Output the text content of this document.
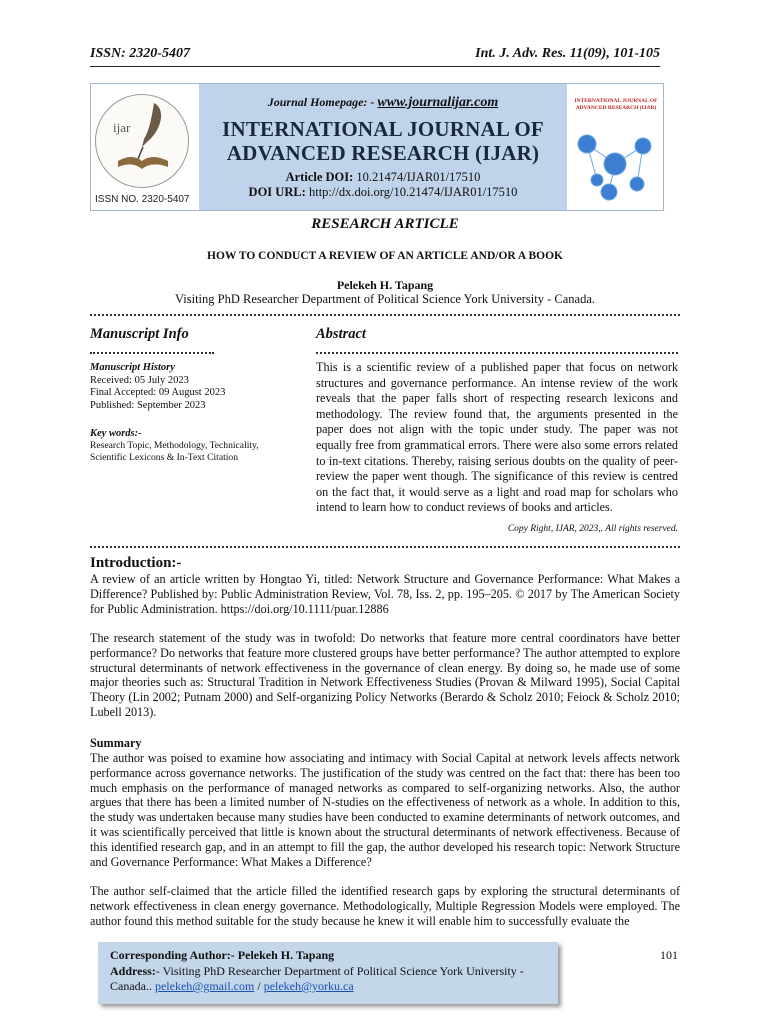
ISSN: 2320-5407	Int. J. Adv. Res. 11(09), 101-105
ijar
ISSN NO. 2320-5407
Journal Homepage: - www.journalijar.com
INTERNATIONAL JOURNAL OF
ADVANCED RESEARCH (IJAR)
Article DOI: 10.21474/IJAR01/17510
DOI URL: http://dx.doi.org/10.21474/IJAR01/17510
INTERNATIONAL JOURNAL OF ADVANCED RESEARCH (IJAR)
RESEARCH ARTICLE
HOW TO CONDUCT A REVIEW OF AN ARTICLE AND/OR A BOOK
Pelekeh H. Tapang
Visiting PhD Researcher Department of Political Science York University - Canada.
Manuscript Info
Manuscript History
Received: 05 July 2023
Final Accepted: 09 August 2023
Published: September 2023
Key words:-
Research Topic, Methodology, Technicality, Scientific Lexicons & In-Text Citation
Abstract
This is a scientific review of a published paper that focus on network structures and governance performance. An intense review of the work reveals that the paper falls short of respecting research lexicons and methodology. The review found that, the arguments presented in the paper does not align with the topic under study. The paper was not equally free from grammatical errors. There were also some errors related to in-text citations. Thereby, raising serious doubts on the quality of peer-review the paper went though. The significance of this review is centred on the fact that, it would serve as a light and road map for scholars who intend to learn how to conduct reviews of books and articles.
Copy Right, IJAR, 2023,. All rights reserved.
Introduction:-
A review of an article written by Hongtao Yi, titled: Network Structure and Governance Performance: What Makes a Difference? Published by: Public Administration Review, Vol. 78, Iss. 2, pp. 195–205. © 2017 by The American Society for Public Administration. https://doi.org/10.1111/puar.12886
The research statement of the study was in twofold: Do networks that feature more central coordinators have better performance? Do networks that feature more clustered groups have better performance? The author attempted to explore structural determinants of network effectiveness in the governance of clean energy. By doing so, he made use of some major theories such as: Structural Tradition in Network Effectiveness Studies (Provan & Milward 1995), Social Capital Theory (Lin 2002; Putnam 2000) and Self-organizing Policy Networks (Berardo & Scholz 2010; Feiock & Scholz 2010; Lubell 2013).
Summary
The author was poised to examine how associating and intimacy with Social Capital at network levels affects network performance across governance networks. The justification of the study was centred on the fact that: there has been too much emphasis on the performance of managed networks as compared to self-organizing networks. Also, the author argues that there has been a limited number of N-studies on the effectiveness of network as a whole. In addition to this, the study was undertaken because many studies have been conducted to examine determinants of network outcomes, and it was scientifically perceived that little is known about the structural determinants of network effectiveness. Because of this identified research gap, and in an attempt to fill the gap, the author developed his research topic: Network Structure and Governance Performance: What Makes a Difference?
The author self-claimed that the article filled the identified research gaps by exploring the structural determinants of network effectiveness in clean energy governance. Methodologically, Multiple Regression Models were employed. The author found this method suitable for the study because he knew it will enable him to successfully evaluate the
Corresponding Author:- Pelekeh H. Tapang
Address:- Visiting PhD Researcher Department of Political Science York University - Canada.. pelekeh@gmail.com / pelekeh@yorku.ca
101
